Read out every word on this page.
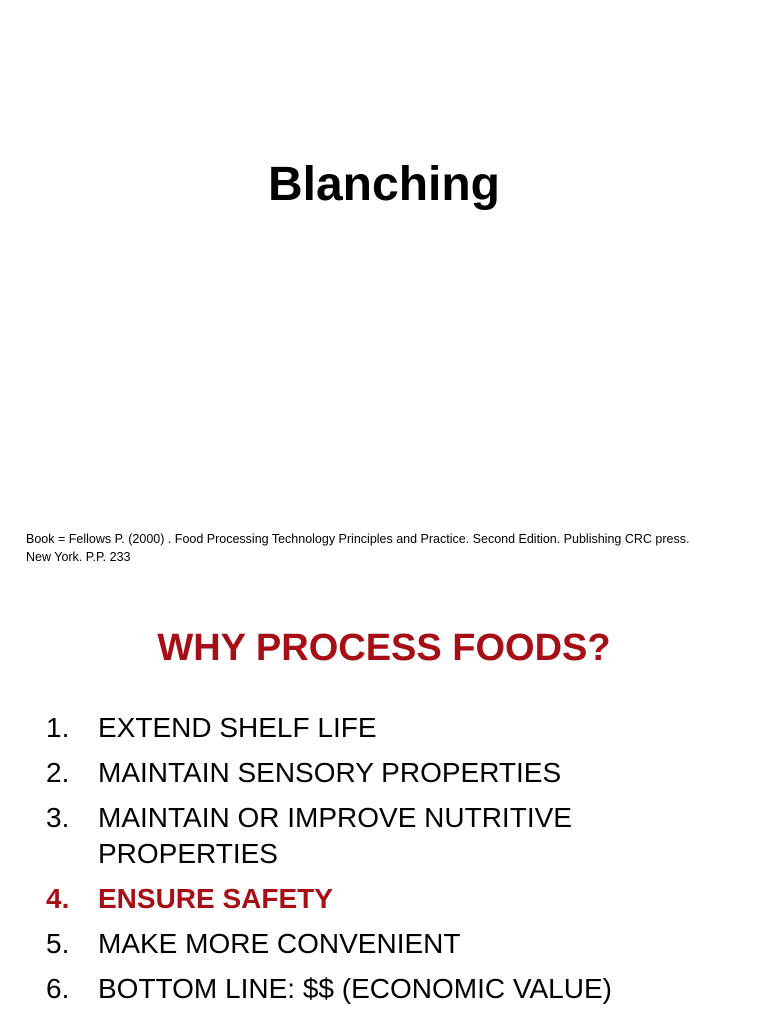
Blanching
Book = Fellows P. (2000) . Food Processing Technology Principles and Practice. Second Edition. Publishing CRC press.
New York. P.P. 233
WHY PROCESS FOODS?
1.	EXTEND SHELF LIFE
2.	MAINTAIN SENSORY PROPERTIES
3.	MAINTAIN OR IMPROVE NUTRITIVE PROPERTIES
4.	ENSURE SAFETY
5.	MAKE MORE CONVENIENT
6.	BOTTOM LINE: $$ (ECONOMIC VALUE)
